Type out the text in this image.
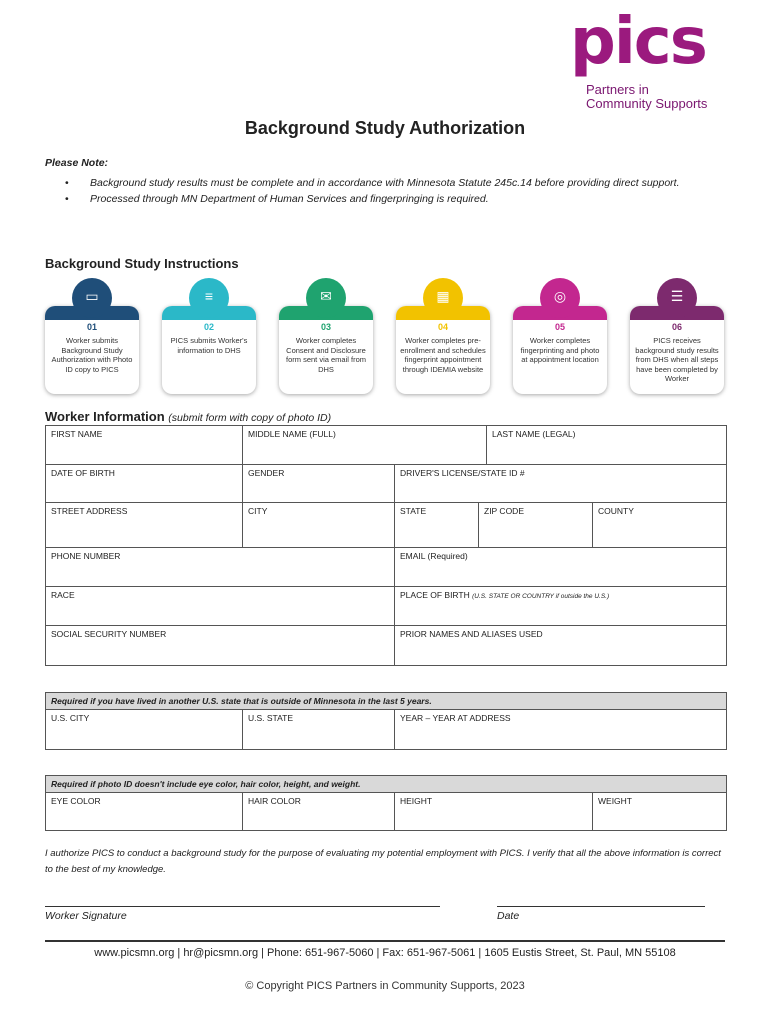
pics
Partners in
Community Supports
Background Study Authorization
Please Note:
• Background study results must be complete and in accordance with Minnesota Statute 245c.14 before providing direct support.
• Processed through MN Department of Human Services and fingerpringing is required.
Background Study Instructions
▭
01
Worker submits Background Study Authorization with Photo ID copy to PICS
≡
02
PICS submits Worker's information to DHS
✉
03
Worker completes Consent and Disclosure form sent via email from DHS
▦
04
Worker completes pre-enrollment and schedules fingerprint appointment through IDEMIA website
◎
05
Worker completes fingerprinting and photo at appointment location
☰
06
PICS receives background study results from DHS when all steps have been completed by Worker
Worker Information (submit form with copy of photo ID)
FIRST NAME	MIDDLE NAME (FULL)			LAST NAME (LEGAL)	
DATE OF BIRTH	GENDER	DRIVER'S LICENSE/STATE ID #			
STREET ADDRESS	CITY	STATE	ZIP CODE		COUNTY
PHONE NUMBER		EMAIL (Required)			
RACE		PLACE OF BIRTH (U.S. STATE OR COUNTRY if outside the U.S.)			
SOCIAL SECURITY NUMBER		PRIOR NAMES AND ALIASES USED			
Required if you have lived in another U.S. state that is outside of Minnesota in the last 5 years.
U.S. CITY	U.S. STATE	YEAR – YEAR AT ADDRESS
Required if photo ID doesn't include eye color, hair color, height, and weight.
EYE COLOR	HAIR COLOR	HEIGHT	WEIGHT
I authorize PICS to conduct a background study for the purpose of evaluating my potential employment with PICS. I verify that all the above information is correct to the best of my knowledge.
Worker Signature	Date
www.picsmn.org | hr@picsmn.org | Phone: 651-967-5060 | Fax: 651-967-5061 | 1605 Eustis Street, St. Paul, MN 55108
© Copyright PICS Partners in Community Supports, 2023
